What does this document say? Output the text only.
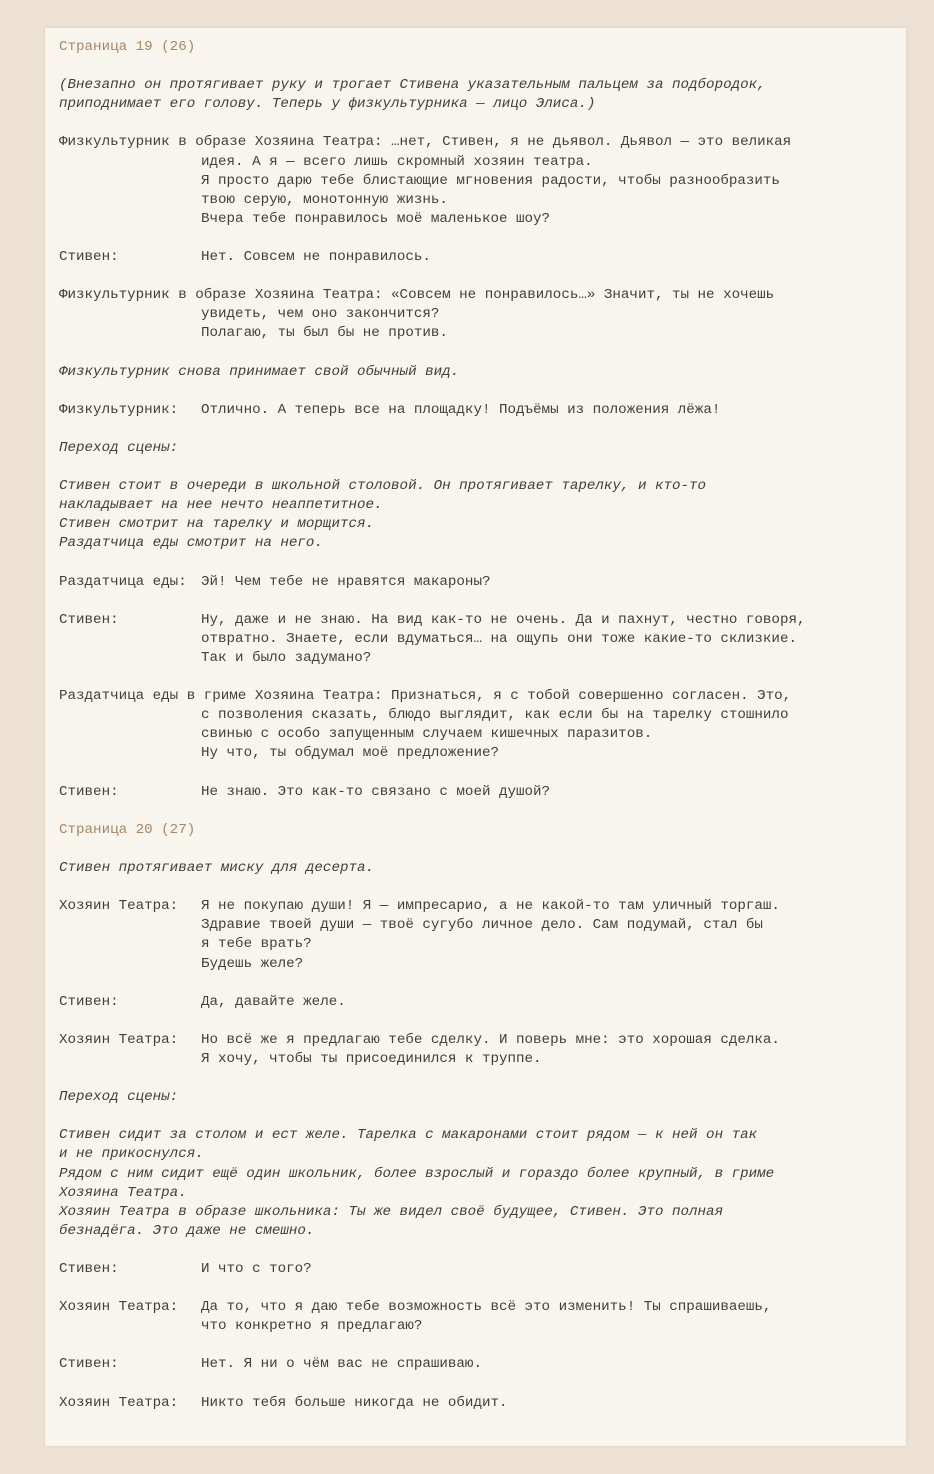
Страница 19 (26)
(Внезапно он протягивает руку и трогает Стивена указательным пальцем за подбородок,
приподнимает его голову. Теперь у физкультурника — лицо Элиса.)
Физкультурник в образе Хозяина Театра: …нет, Стивен, я не дьявол. Дьявол — это великая
идея. А я — всего лишь скромный хозяин театра.
Я просто дарю тебе блистающие мгновения радости, чтобы разнообразить
твою серую, монотонную жизнь.
Вчера тебе понравилось моё маленькое шоу?
Стивен:	Нет. Совсем не понравилось.
Физкультурник в образе Хозяина Театра: «Совсем не понравилось…» Значит, ты не хочешь
увидеть, чем оно закончится?
Полагаю, ты был бы не против.
Физкультурник снова принимает свой обычный вид.
Физкультурник: Отлично. А теперь все на площадку! Подъёмы из положения лёжа!
Переход сцены:
Стивен стоит в очереди в школьной столовой. Он протягивает тарелку, и кто-то
накладывает на нее нечто неаппетитное.
Стивен смотрит на тарелку и морщится.
Раздатчица еды смотрит на него.
Раздатчица еды: Эй! Чем тебе не нравятся макароны?
Стивен:	Ну, даже и не знаю. На вид как-то не очень. Да и пахнут, честно говоря,
отвратно. Знаете, если вдуматься… на ощупь они тоже какие-то склизкие.
Так и было задумано?
Раздатчица еды в гриме Хозяина Театра: Признаться, я с тобой совершенно согласен. Это,
с позволения сказать, блюдо выглядит, как если бы на тарелку стошнило
свинью с особо запущенным случаем кишечных паразитов.
Ну что, ты обдумал моё предложение?
Стивен:	Не знаю. Это как-то связано с моей душой?
Страница 20 (27)
Стивен протягивает миску для десерта.
Хозяин Театра: Я не покупаю души! Я — импресарио, а не какой-то там уличный торгаш.
Здравие твоей души — твоё сугубо личное дело. Сам подумай, стал бы
я тебе врать?
Будешь желе?
Стивен:	Да, давайте желе.
Хозяин Театра: Но всё же я предлагаю тебе сделку. И поверь мне: это хорошая сделка.
Я хочу, чтобы ты присоединился к труппе.
Переход сцены:
Стивен сидит за столом и ест желе. Тарелка с макаронами стоит рядом — к ней он так
и не прикоснулся.
Рядом с ним сидит ещё один школьник, более взрослый и гораздо более крупный, в гриме
Хозяина Театра.
Хозяин Театра в образе школьника: Ты же видел своё будущее, Стивен. Это полная
безнадёга. Это даже не смешно.
Стивен:	И что с того?
Хозяин Театра: Да то, что я даю тебе возможность всё это изменить! Ты спрашиваешь,
что конкретно я предлагаю?
Стивен:	Нет. Я ни о чём вас не спрашиваю.
Хозяин Театра: Никто тебя больше никогда не обидит.
